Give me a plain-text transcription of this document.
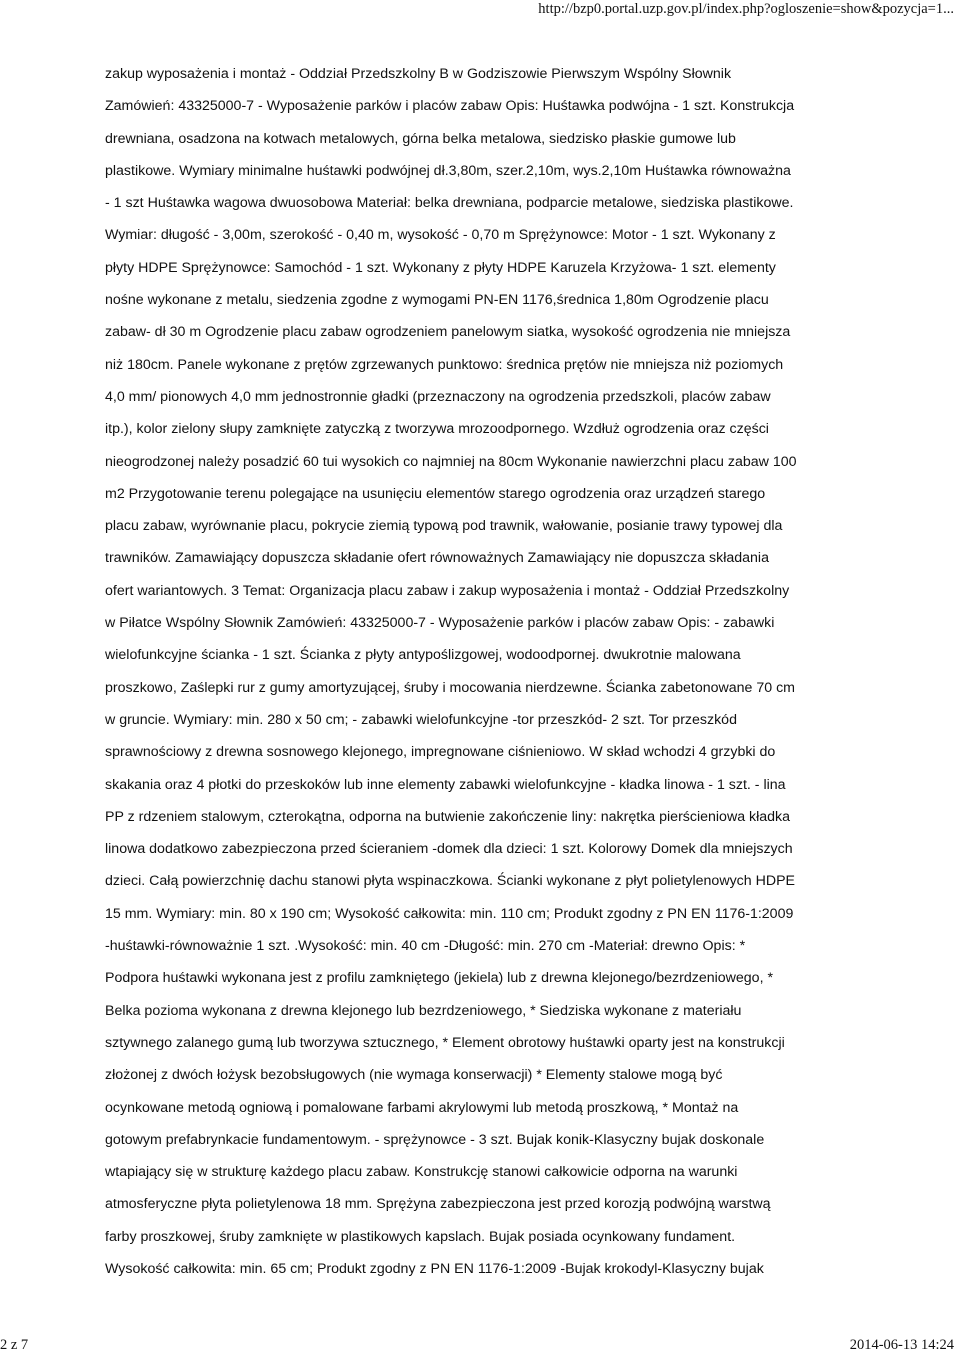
http://bzp0.portal.uzp.gov.pl/index.php?ogloszenie=show&pozycja=1...
zakup wyposażenia i montaż - Oddział Przedszkolny B w Godziszowie Pierwszym Wspólny Słownik
Zamówień: 43325000-7 - Wyposażenie parków i placów zabaw Opis: Huśtawka podwójna - 1 szt. Konstrukcja
drewniana, osadzona na kotwach metalowych, górna belka metalowa, siedzisko płaskie gumowe lub
plastikowe. Wymiary minimalne huśtawki podwójnej dł.3,80m, szer.2,10m, wys.2,10m Huśtawka równoważna
- 1 szt Huśtawka wagowa dwuosobowa Materiał: belka drewniana, podparcie metalowe, siedziska plastikowe.
Wymiar: długość - 3,00m, szerokość - 0,40 m, wysokość - 0,70 m Sprężynowce: Motor - 1 szt. Wykonany z
płyty HDPE Sprężynowce: Samochód - 1 szt. Wykonany z płyty HDPE Karuzela Krzyżowa- 1 szt. elementy
nośne wykonane z metalu, siedzenia zgodne z wymogami PN-EN 1176,średnica 1,80m Ogrodzenie placu
zabaw- dł 30 m Ogrodzenie placu zabaw ogrodzeniem panelowym siatka, wysokość ogrodzenia nie mniejsza
niż 180cm. Panele wykonane z prętów zgrzewanych punktowo: średnica prętów nie mniejsza niż poziomych
4,0 mm/ pionowych 4,0 mm jednostronnie gładki (przeznaczony na ogrodzenia przedszkoli, placów zabaw
itp.), kolor zielony słupy zamknięte zatyczką z tworzywa mrozoodpornego. Wzdłuż ogrodzenia oraz części
nieogrodzonej należy posadzić 60 tui wysokich co najmniej na 80cm Wykonanie nawierzchni placu zabaw 100
m2 Przygotowanie terenu polegające na usunięciu elementów starego ogrodzenia oraz urządzeń starego
placu zabaw, wyrównanie placu, pokrycie ziemią typową pod trawnik, wałowanie, posianie trawy typowej dla
trawników. Zamawiający dopuszcza składanie ofert równoważnych Zamawiający nie dopuszcza składania
ofert wariantowych. 3 Temat: Organizacja placu zabaw i zakup wyposażenia i montaż - Oddział Przedszkolny
w Piłatce Wspólny Słownik Zamówień: 43325000-7 - Wyposażenie parków i placów zabaw Opis: - zabawki
wielofunkcyjne ścianka - 1 szt. Ścianka z płyty antypoślizgowej, wodoodpornej. dwukrotnie malowana
proszkowo, Zaślepki rur z gumy amortyzującej, śruby i mocowania nierdzewne. Ścianka zabetonowane 70 cm
w gruncie. Wymiary: min. 280 x 50 cm; - zabawki wielofunkcyjne -tor przeszkód- 2 szt. Tor przeszkód
sprawnościowy z drewna sosnowego klejonego, impregnowane ciśnieniowo. W skład wchodzi 4 grzybki do
skakania oraz 4 płotki do przeskoków lub inne elementy zabawki wielofunkcyjne - kładka linowa - 1 szt. - lina
PP z rdzeniem stalowym, czterokątna, odporna na butwienie zakończenie liny: nakrętka pierścieniowa kładka
linowa dodatkowo zabezpieczona przed ścieraniem -domek dla dzieci: 1 szt. Kolorowy Domek dla mniejszych
dzieci. Całą powierzchnię dachu stanowi płyta wspinaczkowa. Ścianki wykonane z płyt polietylenowych HDPE
15 mm. Wymiary: min. 80 x 190 cm; Wysokość całkowita: min. 110 cm; Produkt zgodny z PN EN 1176-1:2009
-huśtawki-równoważnie 1 szt. .Wysokość: min. 40 cm -Długość: min. 270 cm -Materiał: drewno Opis: *
Podpora huśtawki wykonana jest z profilu zamkniętego (jekiela) lub z drewna klejonego/bezrdzeniowego, *
Belka pozioma wykonana z drewna klejonego lub bezrdzeniowego, * Siedziska wykonane z materiału
sztywnego zalanego gumą lub tworzywa sztucznego, * Element obrotowy huśtawki oparty jest na konstrukcji
złożonej z dwóch łożysk bezobsługowych (nie wymaga konserwacji) * Elementy stalowe mogą być
ocynkowane metodą ogniową i pomalowane farbami akrylowymi lub metodą proszkową, * Montaż na
gotowym prefabrynkacie fundamentowym. - sprężynowce - 3 szt. Bujak konik-Klasyczny bujak doskonale
wtapiający się w strukturę każdego placu zabaw. Konstrukcję stanowi całkowicie odporna na warunki
atmosferyczne płyta polietylenowa 18 mm. Sprężyna zabezpieczona jest przed korozją podwójną warstwą
farby proszkowej, śruby zamknięte w plastikowych kapslach. Bujak posiada ocynkowany fundament.
Wysokość całkowita: min. 65 cm; Produkt zgodny z PN EN 1176-1:2009 -Bujak krokodyl-Klasyczny bujak
2 z 7	2014-06-13 14:24
